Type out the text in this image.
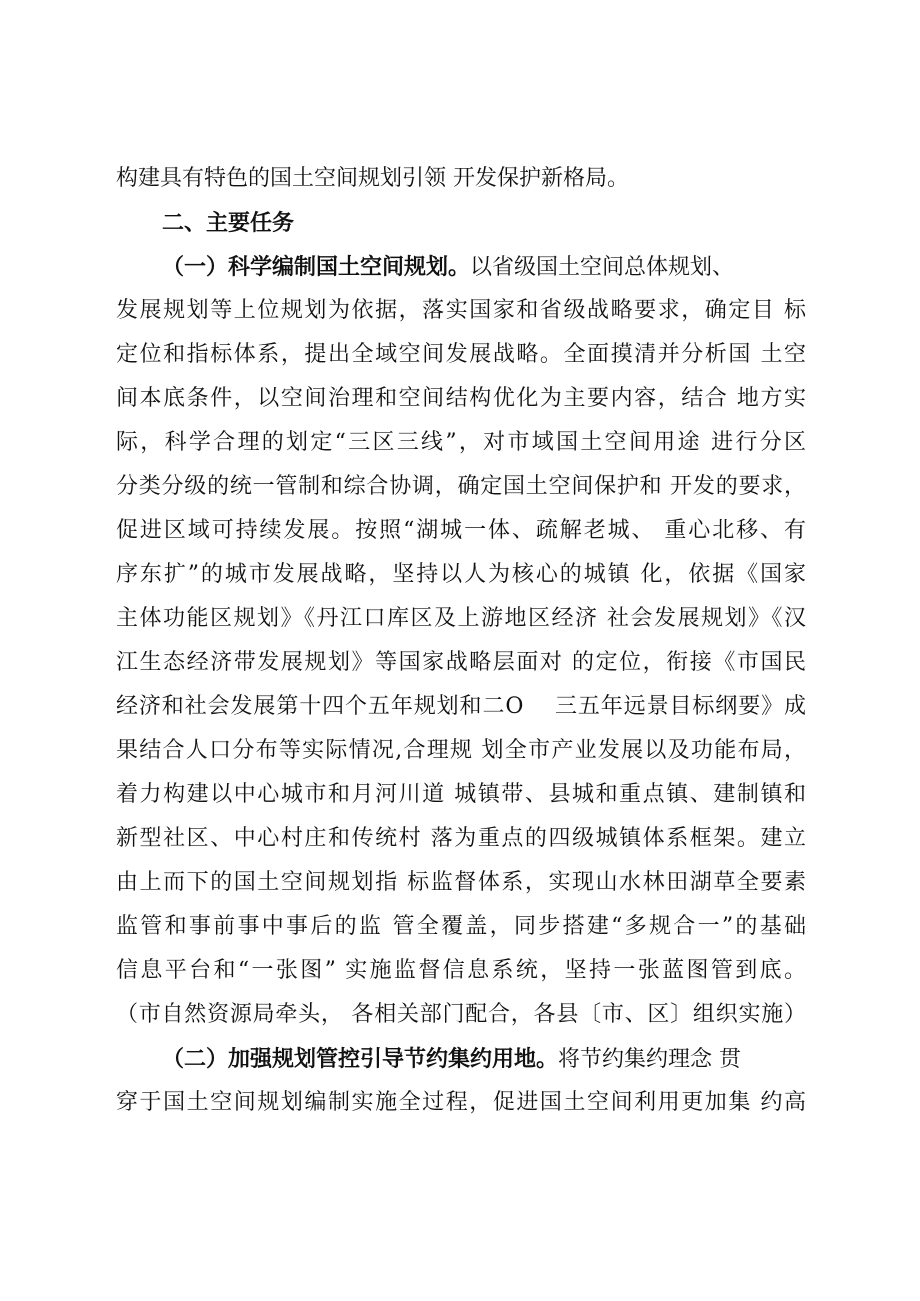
构建具有特色的国土空间规划引领 开发保护新格局。
二、主要任务
（一）科学编制国土空间规划。以省级国土空间总体规划、
发展规划等上位规划为依据，落实国家和省级战略要求，确定目 标
定位和指标体系，提出全域空间发展战略。全面摸清并分析国 土空
间本底条件，以空间治理和空间结构优化为主要内容，结合 地方实
际，科学合理的划定“三区三线”，对市域国土空间用途 进行分区
分类分级的统一管制和综合协调，确定国土空间保护和 开发的要求，
促进区域可持续发展。按照“湖城一体、疏解老城、 重心北移、有
序东扩”的城市发展战略，坚持以人为核心的城镇 化，依据《国家
主体功能区规划》《丹江口库区及上游地区经济 社会发展规划》《汉
江生态经济带发展规划》等国家战略层面对 的定位，衔接《市国民
经济和社会发展第十四个五年规划和二O    三五年远景目标纲要》成
果结合人口分布等实际情况,合理规 划全市产业发展以及功能布局，
着力构建以中心城市和月河川道 城镇带、县城和重点镇、建制镇和
新型社区、中心村庄和传统村 落为重点的四级城镇体系框架。建立
由上而下的国土空间规划指 标监督体系，实现山水林田湖草全要素
监管和事前事中事后的监 管全覆盖，同步搭建“多规合一”的基础
信息平台和“一张图” 实施监督信息系统，坚持一张蓝图管到底。
（市自然资源局牵头， 各相关部门配合，各县〔市、区〕组织实施）
（二）加强规划管控引导节约集约用地。将节约集约理念 贯
穿于国土空间规划编制实施全过程，促进国土空间利用更加集 约高
